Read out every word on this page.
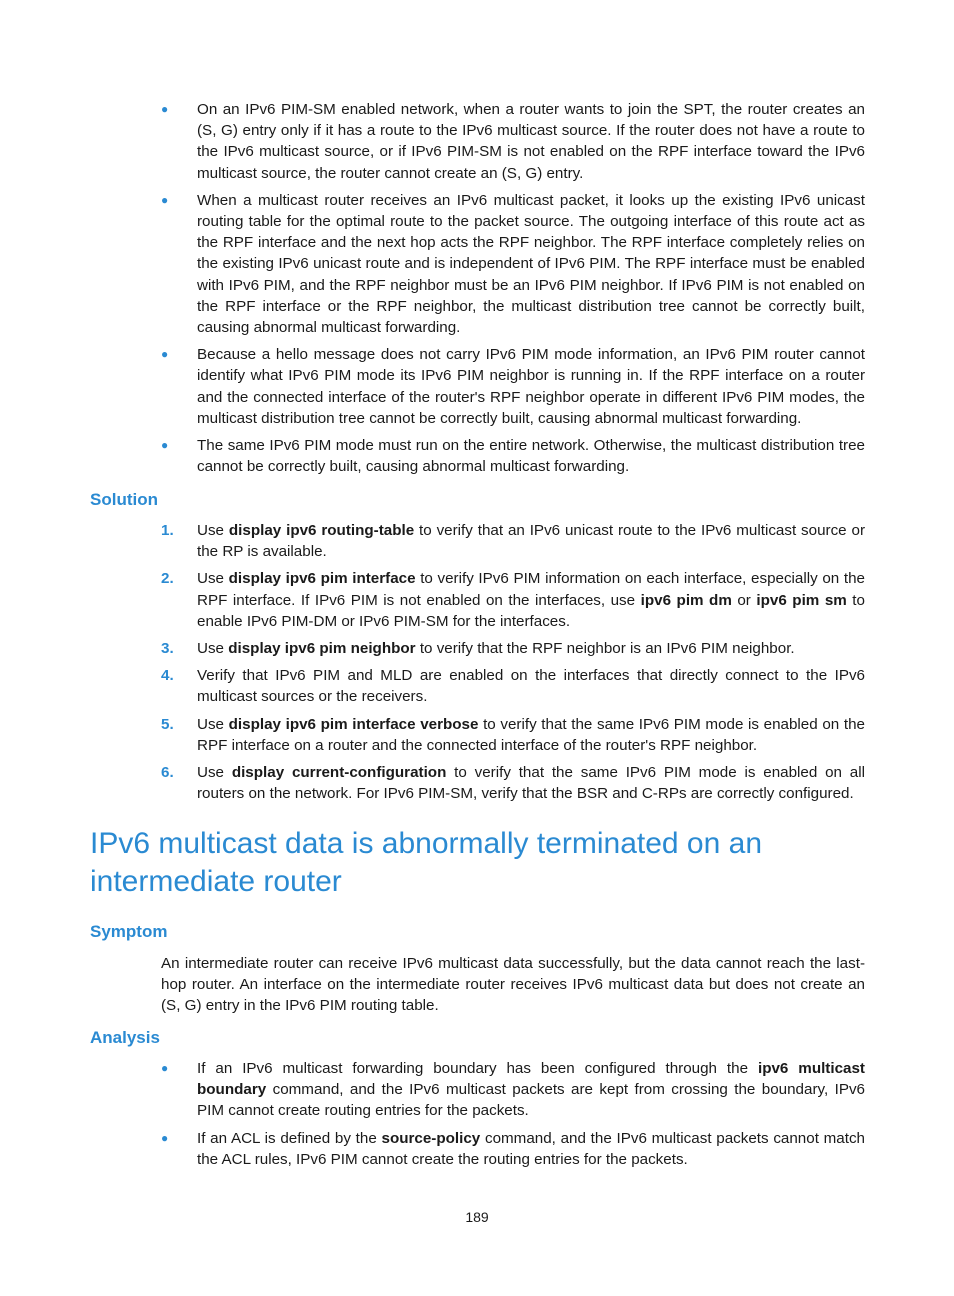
● On an IPv6 PIM-SM enabled network, when a router wants to join the SPT, the router creates an (S, G) entry only if it has a route to the IPv6 multicast source. If the router does not have a route to the IPv6 multicast source, or if IPv6 PIM-SM is not enabled on the RPF interface toward the IPv6 multicast source, the router cannot create an (S, G) entry.
● When a multicast router receives an IPv6 multicast packet, it looks up the existing IPv6 unicast routing table for the optimal route to the packet source. The outgoing interface of this route act as the RPF interface and the next hop acts the RPF neighbor. The RPF interface completely relies on the existing IPv6 unicast route and is independent of IPv6 PIM. The RPF interface must be enabled with IPv6 PIM, and the RPF neighbor must be an IPv6 PIM neighbor. If IPv6 PIM is not enabled on the RPF interface or the RPF neighbor, the multicast distribution tree cannot be correctly built, causing abnormal multicast forwarding.
● Because a hello message does not carry IPv6 PIM mode information, an IPv6 PIM router cannot identify what IPv6 PIM mode its IPv6 PIM neighbor is running in. If the RPF interface on a router and the connected interface of the router's RPF neighbor operate in different IPv6 PIM modes, the multicast distribution tree cannot be correctly built, causing abnormal multicast forwarding.
● The same IPv6 PIM mode must run on the entire network. Otherwise, the multicast distribution tree cannot be correctly built, causing abnormal multicast forwarding.
Solution
1. Use display ipv6 routing-table to verify that an IPv6 unicast route to the IPv6 multicast source or the RP is available.
2. Use display ipv6 pim interface to verify IPv6 PIM information on each interface, especially on the RPF interface. If IPv6 PIM is not enabled on the interfaces, use ipv6 pim dm or ipv6 pim sm to enable IPv6 PIM-DM or IPv6 PIM-SM for the interfaces.
3. Use display ipv6 pim neighbor to verify that the RPF neighbor is an IPv6 PIM neighbor.
4. Verify that IPv6 PIM and MLD are enabled on the interfaces that directly connect to the IPv6 multicast sources or the receivers.
5. Use display ipv6 pim interface verbose to verify that the same IPv6 PIM mode is enabled on the RPF interface on a router and the connected interface of the router's RPF neighbor.
6. Use display current-configuration to verify that the same IPv6 PIM mode is enabled on all routers on the network. For IPv6 PIM-SM, verify that the BSR and C-RPs are correctly configured.
IPv6 multicast data is abnormally terminated on an intermediate router
Symptom

An intermediate router can receive IPv6 multicast data successfully, but the data cannot reach the last-hop router. An interface on the intermediate router receives IPv6 multicast data but does not create an (S, G) entry in the IPv6 PIM routing table.

Analysis
● If an IPv6 multicast forwarding boundary has been configured through the ipv6 multicast boundary command, and the IPv6 multicast packets are kept from crossing the boundary, IPv6 PIM cannot create routing entries for the packets.
● If an ACL is defined by the source-policy command, and the IPv6 multicast packets cannot match the ACL rules, IPv6 PIM cannot create the routing entries for the packets.
189
